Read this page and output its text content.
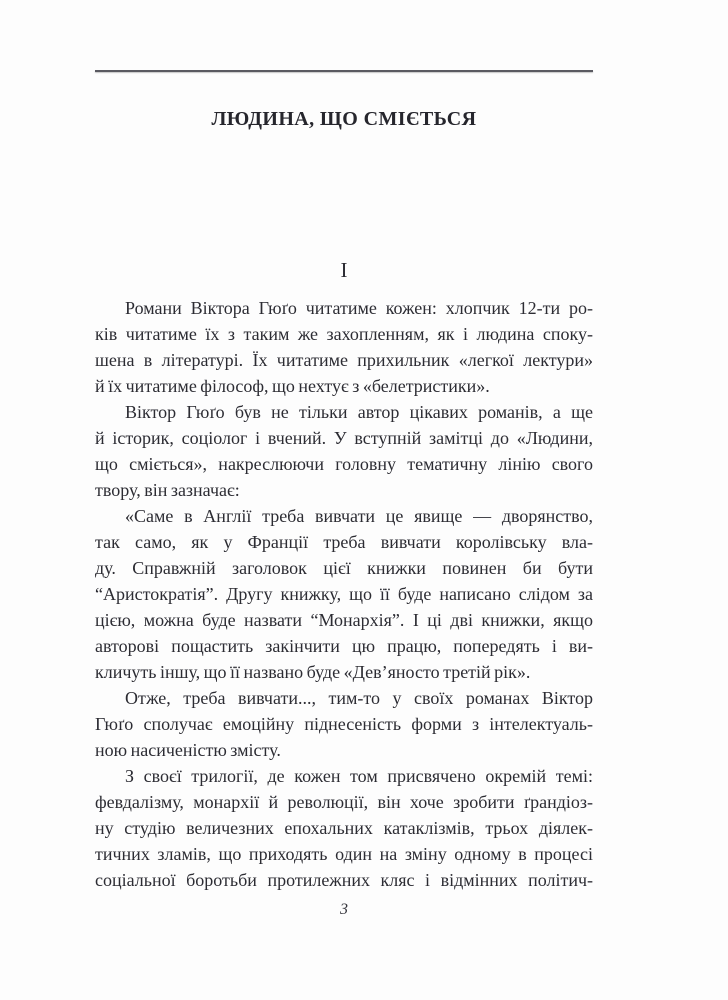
ЛЮДИНА, ЩО СМІЄТЬСЯ
І
Романи Віктора Гюґо читатиме кожен: хлопчик 12-ти ро-
ків читатиме їх з таким же захопленням, як і людина споку-
шена в літературі. Їх читатиме прихильник «легкої лектури»
й їх читатиме філософ, що нехтує з «белетристики».
Віктор Гюґо був не тільки автор цікавих романів, а ще
й історик, соціолог і вчений. У вступній замітці до «Людини,
що сміється», накреслюючи головну тематичну лінію свого
твору, він зазначає:
«Саме в Англії треба вивчати це явище — дворянство,
так само, як у Франції треба вивчати королівську вла-
ду. Справжній заголовок цієї книжки повинен би бути
“Аристократія”. Другу книжку, що її буде написано слідом за
цією, можна буде назвати “Монархія”. І ці дві книжки, якщо
авторові пощастить закінчити цю працю, попередять і ви-
кличуть іншу, що її названо буде «Дев’яносто третій рік».
Отже, треба вивчати..., тим-то у своїх романах Віктор
Гюґо сполучає емоційну піднесеність форми з інтелектуаль-
ною насиченістю змісту.
З своєї трилогії, де кожен том присвячено окремій темі:
февдалізму, монархії й революції, він хоче зробити ґрандіоз-
ну студію величезних епохальних катаклізмів, трьох діялек-
тичних зламів, що приходять один на зміну одному в процесі
соціальної боротьби протилежних кляс і відмінних політич-
3
